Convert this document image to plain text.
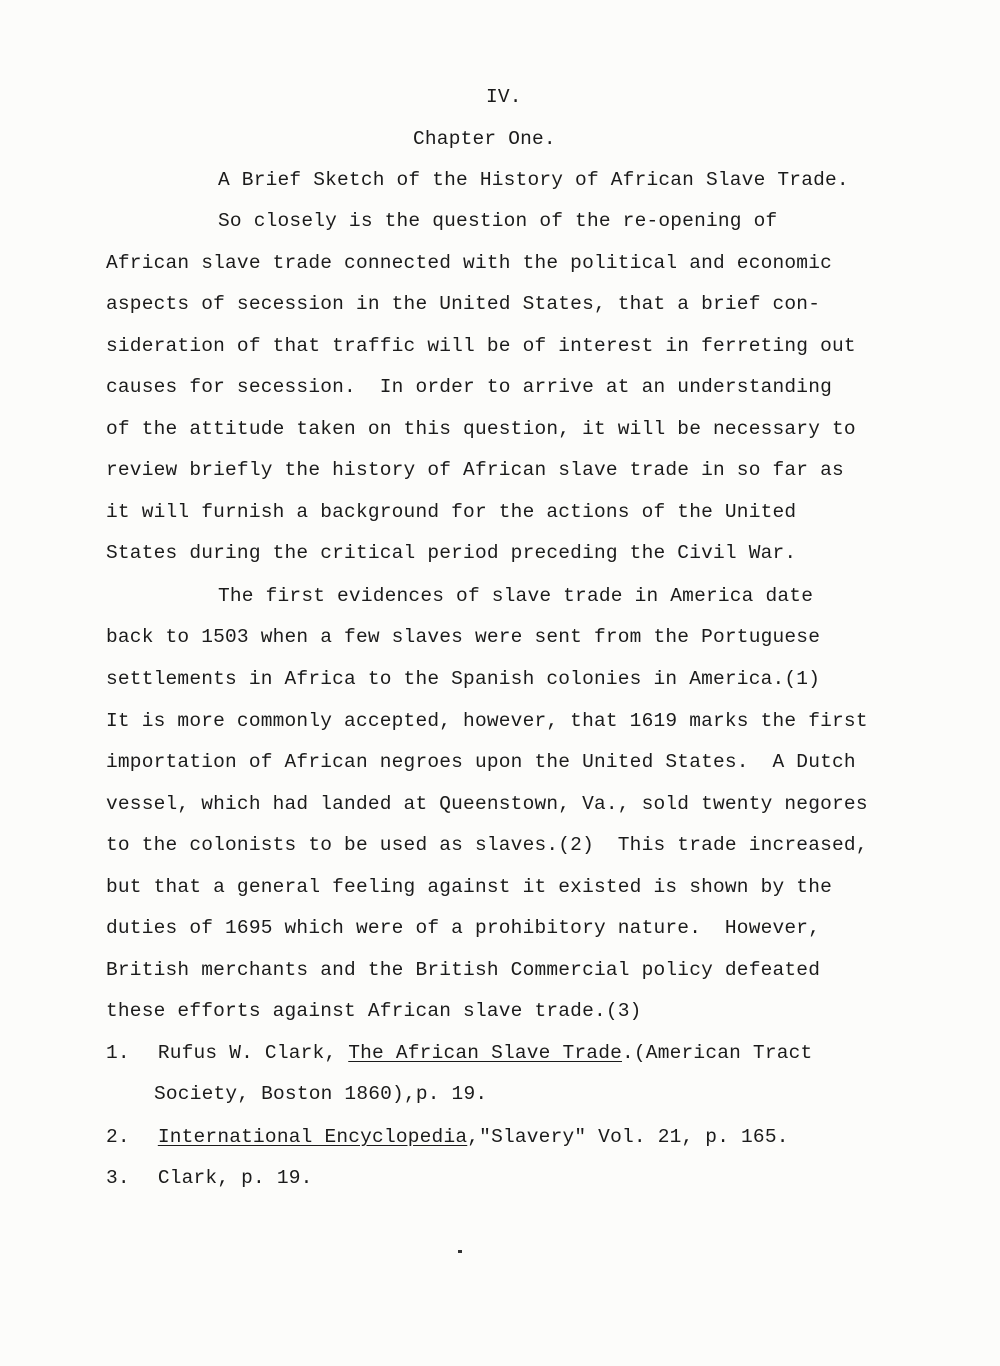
IV.
Chapter One.
A Brief Sketch of the History of African Slave Trade.
So closely is the question of the re-opening of
African slave trade connected with the political and economic
aspects of secession in the United States, that a brief con-
sideration of that traffic will be of interest in ferreting out
causes for secession.  In order to arrive at an understanding
of the attitude taken on this question, it will be necessary to
review briefly the history of African slave trade in so far as
it will furnish a background for the actions of the United
States during the critical period preceding the Civil War.
The first evidences of slave trade in America date
back to 1503 when a few slaves were sent from the Portuguese
settlements in Africa to the Spanish colonies in America.(1)
It is more commonly accepted, however, that 1619 marks the first
importation of African negroes upon the United States.  A Dutch
vessel, which had landed at Queenstown, Va., sold twenty negores
to the colonists to be used as slaves.(2)  This trade increased,
but that a general feeling against it existed is shown by the
duties of 1695 which were of a prohibitory nature.  However,
British merchants and the British Commercial policy defeated
these efforts against African slave trade.(3)
1. Rufus W. Clark, The African Slave Trade.(American Tract
Society, Boston 1860),p. 19.
2. International Encyclopedia,"Slavery" Vol. 21, p. 165.
3. Clark, p. 19.
